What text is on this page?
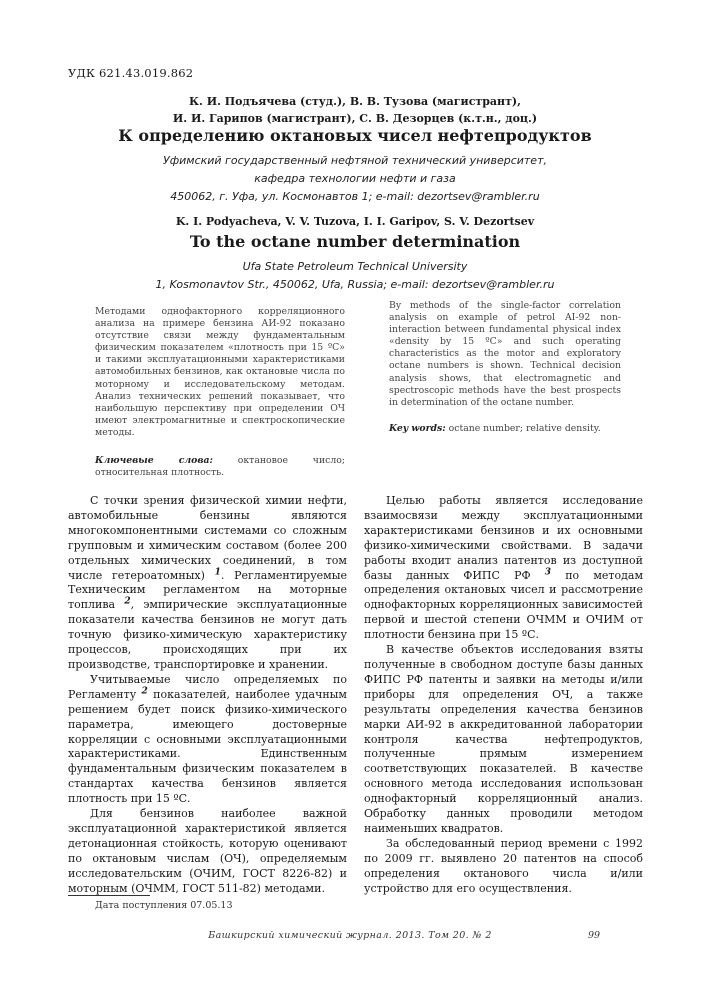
УДК 621.43.019.862
К. И. Подъячева (студ.), В. В. Тузова (магистрант),
И. И. Гарипов (магистрант), С. В. Дезорцев (к.т.н., доц.)
К определению октановых чисел нефтепродуктов
Уфимский государственный нефтяной технический университет,
кафедра технологии нефти и газа
450062, г. Уфа, ул. Космонавтов 1; e-mail: dezortsev@rambler.ru
K. I. Podyacheva, V. V. Tuzova, I. I. Garipov, S. V. Dezortsev
To the octane number determination
Ufa State Petroleum Technical University
1, Kosmonavtov Str., 450062, Ufa, Russia; e-mail: dezortsev@rambler.ru

Методами однофакторного корреляционного анализа на примере бензина АИ-92 показано отсутствие связи между фундаментальным физическим показателем «плотность при 15 ºС» и такими эксплуатационными характеристиками автомобильных бензинов, как октановые числа по моторному и исследовательскому методам. Анализ технических решений показывает, что наибольшую перспективу при определении ОЧ имеют электромагнитные и спектроскопические методы.

Ключевые слова: октановое число; относительная плотность.

By methods of the single-factor correlation analysis on example of petrol AI-92 non-interaction between fundamental physical index «density by 15 ºC» and such operating characteristics as the motor and exploratory octane numbers is shown. Technical decision analysis shows, that electromagnetic and spectroscopic methods have the best prospects in determination of the octane number.

Key words: octane number; relative density.

С точки зрения физической химии нефти, автомобильные бензины являются многокомпонентными системами со сложным групповым и химическим составом (более 200 отдельных химических соединений, в том числе гетероатомных) $^1$. Регламентируемые Техническим регламентом на моторные топлива $^2$, эмпирические эксплуатационные показатели качества бензинов не могут дать точную физико-химическую характеристику процессов, происходящих при их производстве, транспортировке и хранении.

Учитываемые число определяемых по Регламенту $^2$ показателей, наиболее удачным решением будет поиск физико-химического параметра, имеющего достоверные корреляции с основными эксплуатационными характеристиками. Единственным фундаментальным физическим показателем в стандартах качества бензинов является плотность при 15 ºС.

Для бензинов наиболее важной эксплуатационной характеристикой является детонационная стойкость, которую оценивают по октановым числам (ОЧ), определяемым исследовательским (ОЧИМ, ГОСТ 8226-82) и моторным (ОЧММ, ГОСТ 511-82) методами.

Целью работы является исследование взаимосвязи между эксплуатационными характеристиками бензинов и их основными физико-химическими свойствами. В задачи работы входит анализ патентов из доступной базы данных ФИПС РФ $^3$ по методам определения октановых чисел и рассмотрение однофакторных корреляционных зависимостей первой и шестой степени ОЧММ и ОЧИМ от плотности бензина при 15 ºС.

В качестве объектов исследования взяты полученные в свободном доступе базы данных ФИПС РФ патенты и заявки на методы и/или приборы для определения ОЧ, а также результаты определения качества бензинов марки АИ-92 в аккредитованной лаборатории контроля качества нефтепродуктов, полученные прямым измерением соответствующих показателей. В качестве основного метода исследования использован однофакторный корреляционный анализ. Обработку данных проводили методом наименьших квадратов.

За обследованный период времени с 1992 по 2009 гг. выявлено 20 патентов на способ определения октанового числа и/или устройство для его осуществления.

Дата поступления 07.05.13
Башкирский химический журнал. 2013. Том 20. № 2	99
